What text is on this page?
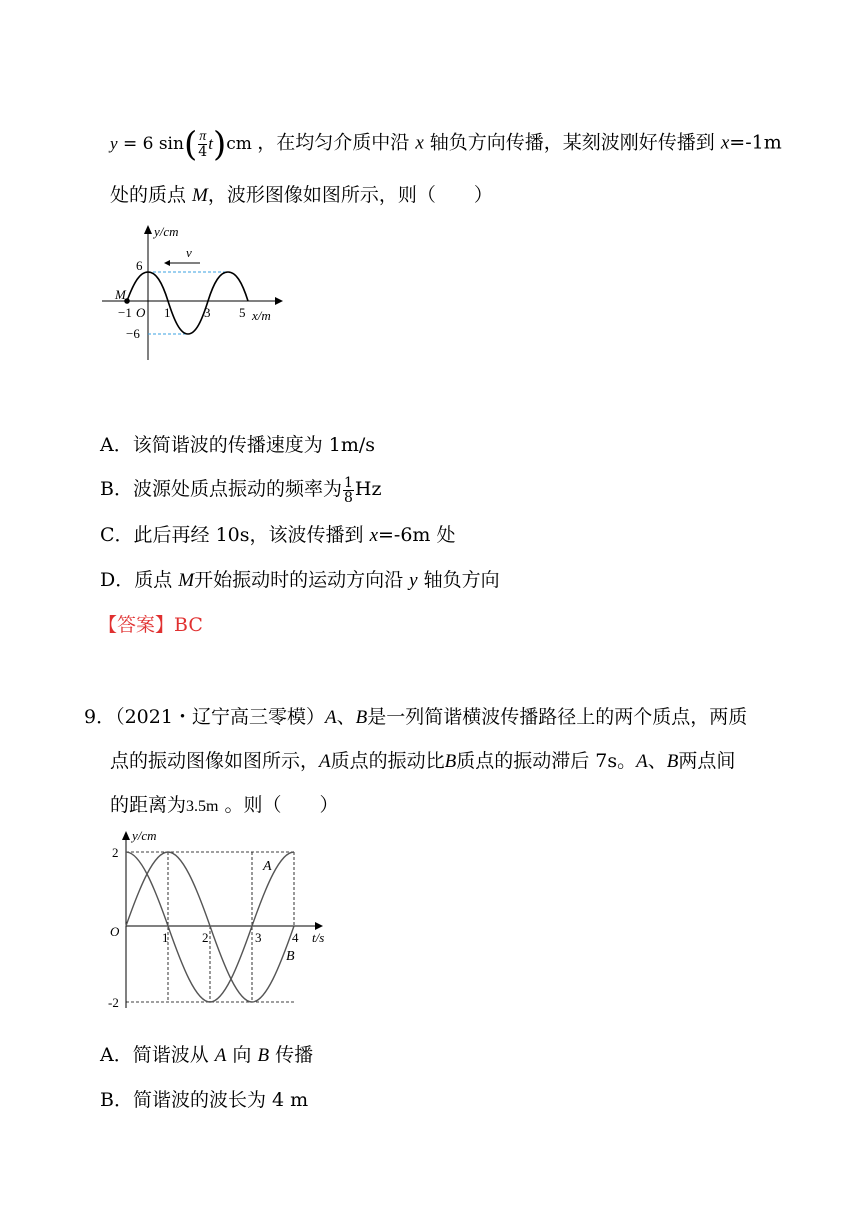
y = 6 $\sin( \frac{\pi}{4} t)cm$ ，在均匀介质中沿 x 轴负方向传播，某刻波刚好传播到 x=-1m
处的质点 M，波形图像如图所示，则（　　）
y/cm
x/m
v
M
6
−6
−1 O 1	3 5
A．该简谐波的传播速度为 1m/s
B．波源处质点振动的频率为 $\frac{1}{8}$ Hz
C．此后再经 10s，该波传播到 x=-6m 处
D．质点 M开始振动时的运动方向沿 y 轴负方向
【答案】BC
9．（2021・辽宁高三零模）A、B是一列简谐横波传播路径上的两个质点，两质
点的振动图像如图所示，A质点的振动比B质点的振动滞后 7s。A、B两点间
的距离为3.5m 。则（　　）
y/cm
t/s
A
B
2
-2
O	1	2	3 4
A．简谐波从 A 向 B 传播
B．简谐波的波长为 4 m
